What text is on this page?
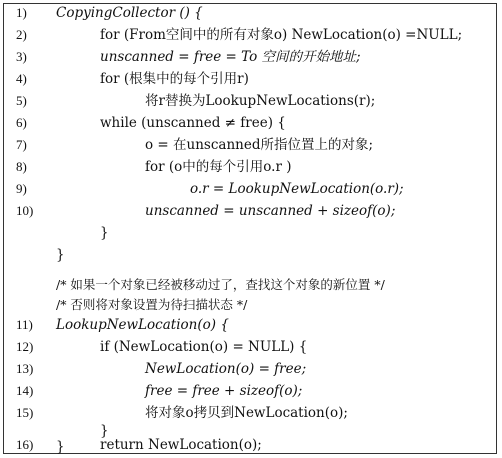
1)	CopyingCollector () {
2)	for (From空间中的所有对象o) NewLocation(o) =NULL;
3)	unscanned = free = To 空间的开始地址;
4)	for (根集中的每个引用r)
5)	将r替换为LookupNewLocations(r);
6)	while (unscanned ≠ free) {
7)	o = 在unscanned所指位置上的对象;
8)	for (o中的每个引用o.r )
9)	o.r = LookupNewLocation(o.r);
10)	unscanned = unscanned + sizeof(o);
}
}
/* 如果一个对象已经被移动过了，查找这个对象的新位置 */
/* 否则将对象设置为待扫描状态 */
11)	LookupNewLocation(o) {
12)	if (NewLocation(o) = NULL) {
13)	NewLocation(o) = free;
14)	free = free + sizeof(o);
15)	将对象o拷贝到NewLocation(o);
}
16)	return NewLocation(o);
}
